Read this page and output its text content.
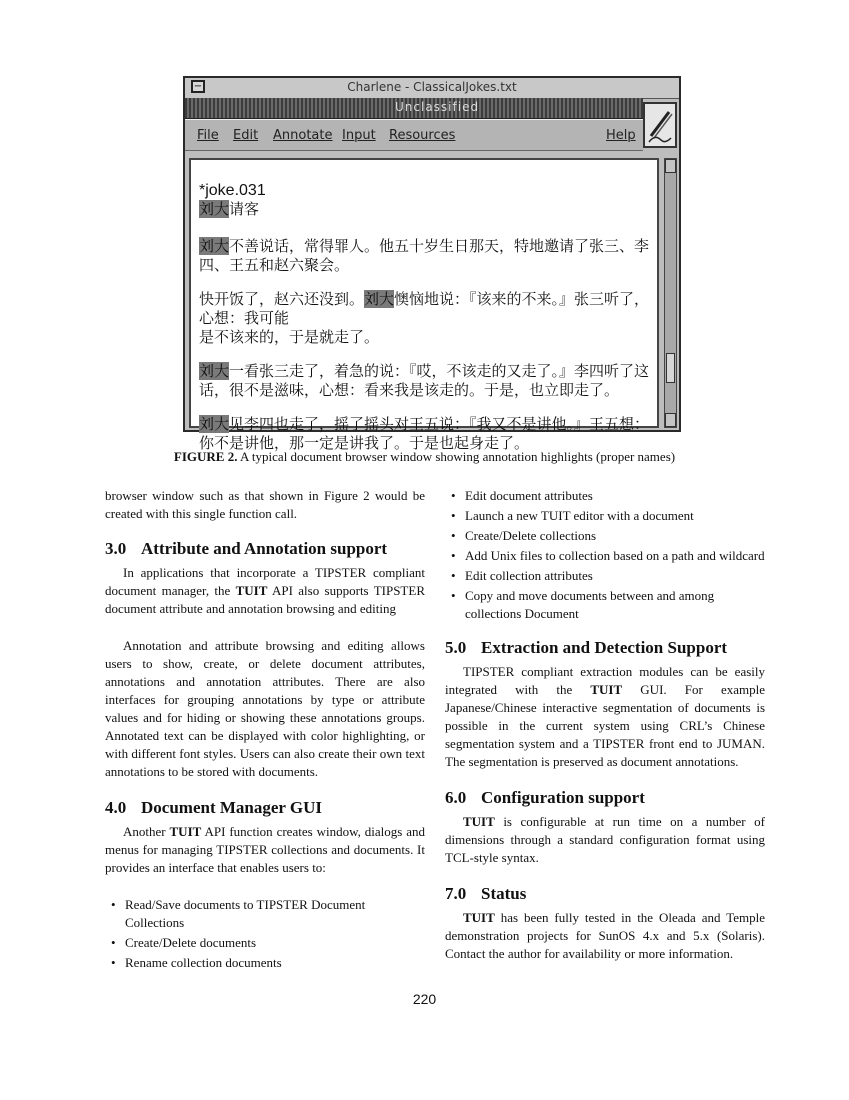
−	Charlene - ClassicalJokes.txt
Unclassified
File Edit Annotate Input Resources	Help
*joke.031
刘大请客

刘大不善说话，常得罪人。他五十岁生日那天，特地邀请了张三、李四、王五和赵六聚会。

快开饭了，赵六还没到。刘大懊恼地说：『该来的不来。』张三听了，心想：我可能
是不该来的，于是就走了。

刘大一看张三走了，着急的说：『哎，不该走的又走了。』李四听了这话，很不是滋味，心想：看来我是该走的。于是，也立即走了。

刘大见李四也走了，摇了摇头对王五说：『我又不是讲他。』王五想：你不是讲他，那一定是讲我了。于是也起身走了。

FIGURE 2. A typical document browser window showing annotation highlights (proper names)

browser window such as that shown in Figure 2 would be created with this single function call.

3.0 Attribute and Annotation support

In applications that incorporate a TIPSTER compliant document manager, the TUIT API also supports TIPSTER document attribute and annotation browsing and editing

Annotation and attribute browsing and editing allows users to show, create, or delete document attributes, annotations and annotation attributes. There are also interfaces for grouping annotations by type or attribute values and for hiding or showing these annotations groups. Annotated text can be displayed with color highlighting, or with different font styles. Users can also create their own text annotations to be stored with documents.

4.0 Document Manager GUI

Another TUIT API function creates window, dialogs and menus for managing TIPSTER collections and documents. It provides an interface that enables users to:

• Read/Save documents to TIPSTER Document Collections
• Create/Delete documents
• Rename collection documents
• Edit document attributes
• Launch a new TUIT editor with a document
• Create/Delete collections
• Add Unix files to collection based on a path and wildcard
• Edit collection attributes
• Copy and move documents between and among collections Document
5.0 Extraction and Detection Support

TIPSTER compliant extraction modules can be easily integrated with the TUIT GUI. For example Japanese/Chinese interactive segmentation of documents is possible in the current system using CRL’s Chinese segmentation system and a TIPSTER front end to JUMAN. The segmentation is preserved as document annotations.

6.0 Configuration support

TUIT is configurable at run time on a number of dimensions through a standard configuration format using TCL-style syntax.

7.0 Status

TUIT has been fully tested in the Oleada and Temple demonstration projects for SunOS 4.x and 5.x (Solaris). Contact the author for availability or more information.

220
